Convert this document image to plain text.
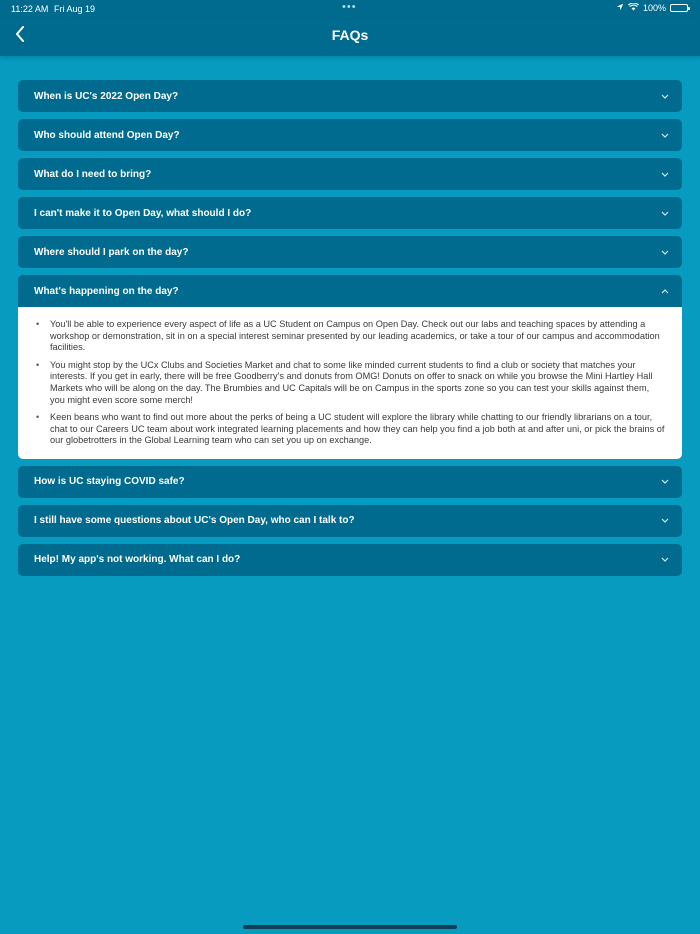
11:22 AM Fri Aug 19	•••	100%
FAQs
When is UC's 2022 Open Day?
Who should attend Open Day?
What do I need to bring?
I can't make it to Open Day, what should I do?
Where should I park on the day?
What's happening on the day?
• You'll be able to experience every aspect of life as a UC Student on Campus on Open Day. Check out our labs and teaching spaces by attending a workshop or demonstration, sit in on a special interest seminar presented by our leading academics, or take a tour of our campus and accommodation facilities.
• You might stop by the UCx Clubs and Societies Market and chat to some like minded current students to find a club or society that matches your interests. If you get in early, there will be free Goodberry's and donuts from OMG! Donuts on offer to snack on while you browse the Mini Hartley Hall Markets who will be along on the day. The Brumbies and UC Capitals will be on Campus in the sports zone so you can test your skills against them, you might even score some merch!
• Keen beans who want to find out more about the perks of being a UC student will explore the library while chatting to our friendly librarians on a tour, chat to our Careers UC team about work integrated learning placements and how they can help you find a job both at and after uni, or pick the brains of our globetrotters in the Global Learning team who can set you up on exchange.
How is UC staying COVID safe?
I still have some questions about UC's Open Day, who can I talk to?
Help! My app's not working. What can I do?
